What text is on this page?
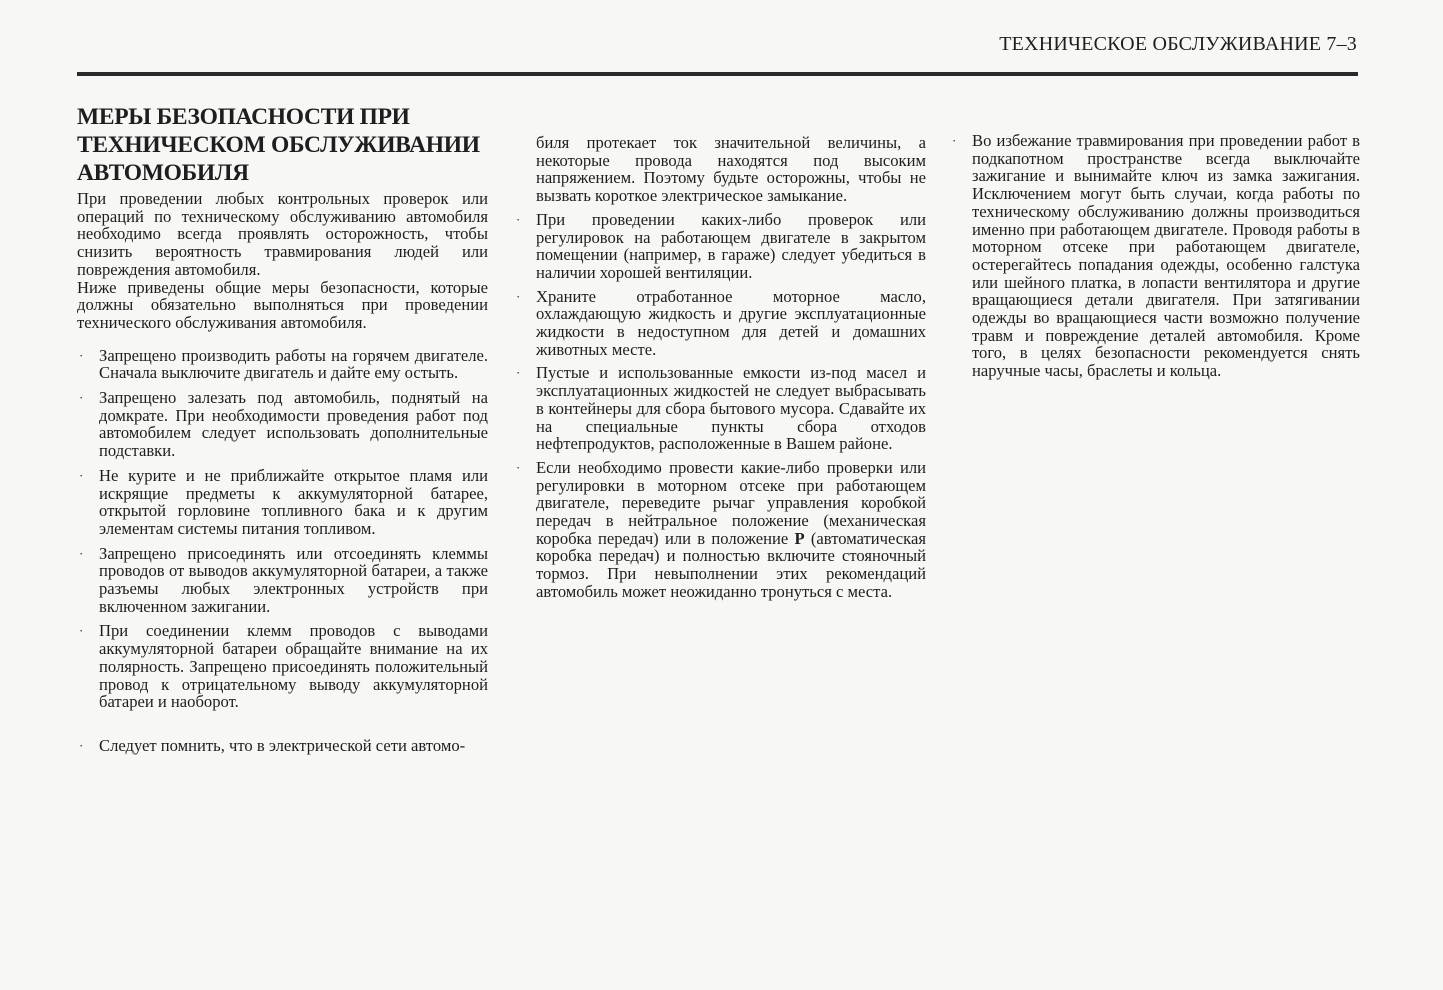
ТЕХНИЧЕСКОЕ ОБСЛУЖИВАНИЕ 7–3
МЕРЫ БЕЗОПАСНОСТИ ПРИ
ТЕХНИЧЕСКОМ ОБСЛУЖИВАНИИ
АВТОМОБИЛЯ

При проведении любых контрольных проверок или операций по техническому обслуживанию автомобиля необходимо всегда проявлять осторожность, чтобы снизить вероятность травмирования людей или повреждения автомобиля.

Ниже приведены общие меры безопасности, которые должны обязательно выполняться при проведении технического обслуживания автомобиля.

· Запрещено производить работы на горячем двигателе. Сначала выключите двигатель и дайте ему остыть.
· Запрещено залезать под автомобиль, поднятый на домкрате. При необходимости проведения работ под автомобилем следует использовать дополнительные подставки.
· Не курите и не приближайте открытое пламя или искрящие предметы к аккумуляторной батарее, открытой горловине топливного бака и к другим элементам системы питания топливом.
· Запрещено присоединять или отсоединять клеммы проводов от выводов аккумуляторной батареи, а также разъемы любых электронных устройств при включенном зажигании.
· При соединении клемм проводов с выводами аккумуляторной батареи обращайте внимание на их полярность. Запрещено присоединять положительный провод к отрицательному выводу аккумуляторной батареи и наоборот.
· Следует помнить, что в электрической сети автомо-

биля протекает ток значительной величины, а некоторые провода находятся под высоким напряжением. Поэтому будьте осторожны, чтобы не вызвать короткое электрическое замыкание.

· При проведении каких-либо проверок или регулировок на работающем двигателе в закрытом помещении (например, в гараже) следует убедиться в наличии хорошей вентиляции.
· Храните отработанное моторное масло, охлаждающую жидкость и другие эксплуатационные жидкости в недоступном для детей и домашних животных месте.
· Пустые и использованные емкости из-под масел и эксплуатационных жидкостей не следует выбрасывать в контейнеры для сбора бытового мусора. Сдавайте их на специальные пункты сбора отходов нефтепродуктов, расположенные в Вашем районе.
· Если необходимо провести какие-либо проверки или регулировки в моторном отсеке при работающем двигателе, переведите рычаг управления коробкой передач в нейтральное положение (механическая коробка передач) или в положение P (автоматическая коробка передач) и полностью включите стояночный тормоз. При невыполнении этих рекомендаций автомобиль может неожиданно тронуться с места.
· Во избежание травмирования при проведении работ в подкапотном пространстве всегда выключайте зажигание и вынимайте ключ из замка зажигания. Исключением могут быть случаи, когда работы по техническому обслуживанию должны производиться именно при работающем двигателе. Проводя работы в моторном отсеке при работающем двигателе, остерегайтесь попадания одежды, особенно галстука или шейного платка, в лопасти вентилятора и другие вращающиеся детали двигателя. При затягивании одежды во вращающиеся части возможно получение травм и повреждение деталей автомобиля. Кроме того, в целях безопасности рекомендуется снять наручные часы, браслеты и кольца.
